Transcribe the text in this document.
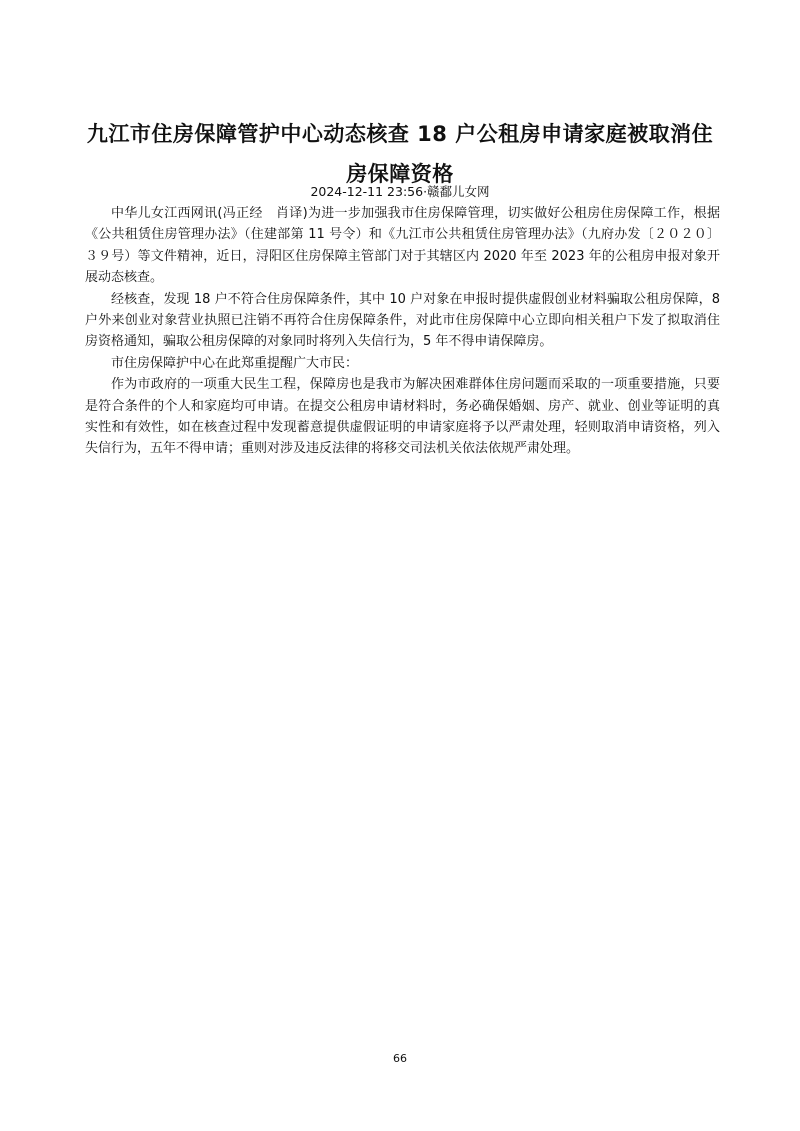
九江市住房保障管护中心动态核查 18 户公租房申请家庭被取消住
房保障资格
2024-12-11 23:56·赣鄱儿女网

中华儿女江西网讯(冯正经　肖译)为进一步加强我市住房保障管理，切实做好公租房住房保障工作，根据《公共租赁住房管理办法》（住建部第 11 号令）和《九江市公共租赁住房管理办法》（九府办发〔２０２０〕３９号）等文件精神，近日，浔阳区住房保障主管部门对于其辖区内 2020 年至 2023 年的公租房申报对象开展动态核查。

经核查，发现 18 户不符合住房保障条件，其中 10 户对象在申报时提供虚假创业材料骗取公租房保障，8 户外来创业对象营业执照已注销不再符合住房保障条件，对此市住房保障中心立即向相关租户下发了拟取消住房资格通知，骗取公租房保障的对象同时将列入失信行为，5 年不得申请保障房。

市住房保障护中心在此郑重提醒广大市民：

作为市政府的一项重大民生工程，保障房也是我市为解决困难群体住房问题而采取的一项重要措施，只要是符合条件的个人和家庭均可申请。在提交公租房申请材料时，务必确保婚姻、房产、就业、创业等证明的真实性和有效性，如在核查过程中发现蓄意提供虚假证明的申请家庭将予以严肃处理，轻则取消申请资格，列入失信行为，五年不得申请；重则对涉及违反法律的将移交司法机关依法依规严肃处理。

66
